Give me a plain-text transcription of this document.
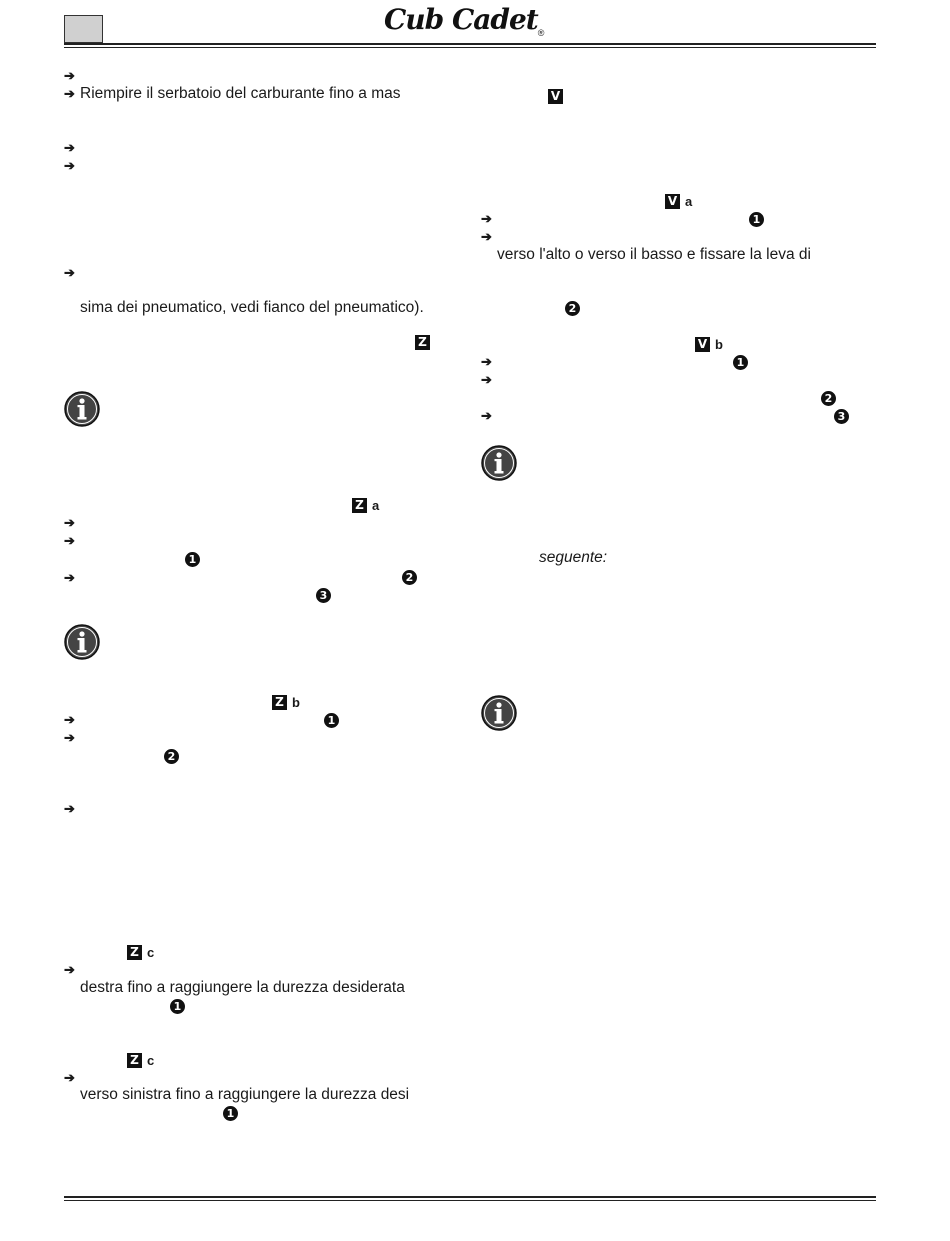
Cub Cadet®
➔
➔ Riempire il serbatoio del carburante fino a mas
➔
➔
➔
sima dei pneumatico, vedi fianco del pneumatico).
Z
Z a
➔
➔
1
➔	2
3
Z b
➔	1
➔
2
➔
Z c
➔
destra fino a raggiungere la durezza desiderata
1
Z c
➔
verso sinistra fino a raggiungere la durezza desi
1
V
V a
➔	1
➔
verso l'alto o verso il basso e fissare la leva di
2
V b
➔	1
➔
2
➔	3
seguente:
